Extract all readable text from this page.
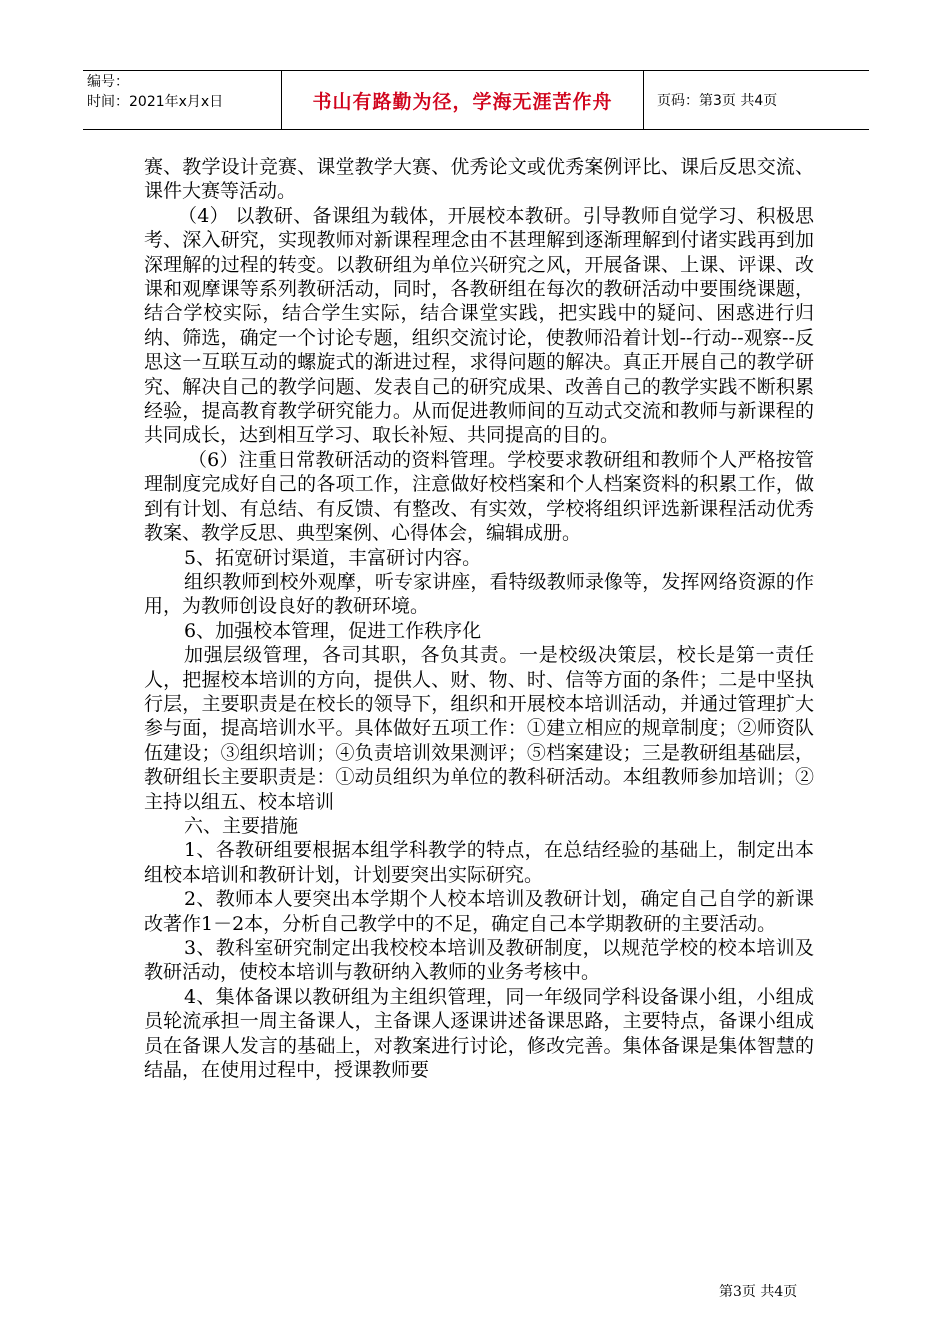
编号：
时间：2021年x月x日	书山有路勤为径，学海无涯苦作舟	页码：第3页 共4页

赛、教学设计竞赛、课堂教学大赛、优秀论文或优秀案例评比、课后反思交流、课件大赛等活动。

（4） 以教研、备课组为载体，开展校本教研。引导教师自觉学习、积极思考、深入研究，实现教师对新课程理念由不甚理解到逐渐理解到付诸实践再到加深理解的过程的转变。以教研组为单位兴研究之风，开展备课、上课、评课、改课和观摩课等系列教研活动，同时，各教研组在每次的教研活动中要围绕课题，结合学校实际，结合学生实际，结合课堂实践，把实践中的疑问、困惑进行归纳、筛选，确定一个讨论专题，组织交流讨论，使教师沿着计划--行动--观察--反思这一互联互动的螺旋式的渐进过程，求得问题的解决。真正开展自己的教学研究、解决自己的教学问题、发表自己的研究成果、改善自己的教学实践不断积累经验，提高教育教学研究能力。从而促进教师间的互动式交流和教师与新课程的共同成长，达到相互学习、取长补短、共同提高的目的。

（6）注重日常教研活动的资料管理。学校要求教研组和教师个人严格按管理制度完成好自己的各项工作，注意做好校档案和个人档案资料的积累工作，做到有计划、有总结、有反馈、有整改、有实效，学校将组织评选新课程活动优秀教案、教学反思、典型案例、心得体会，编辑成册。

5、拓宽研讨渠道，丰富研讨内容。

组织教师到校外观摩，听专家讲座，看特级教师录像等，发挥网络资源的作用，为教师创设良好的教研环境。

6、加强校本管理，促进工作秩序化

加强层级管理，各司其职，各负其责。一是校级决策层，校长是第一责任人，把握校本培训的方向，提供人、财、物、时、信等方面的条件；二是中坚执行层，主要职责是在校长的领导下，组织和开展校本培训活动，并通过管理扩大参与面，提高培训水平。具体做好五项工作：①建立相应的规章制度；②师资队伍建设；③组织培训；④负责培训效果测评；⑤档案建设；三是教研组基础层，教研组长主要职责是：①动员组织为单位的教科研活动。本组教师参加培训；②主持以组五、校本培训

六、主要措施

1、各教研组要根据本组学科教学的特点，在总结经验的基础上，制定出本组校本培训和教研计划，计划要突出实际研究。

2、教师本人要突出本学期个人校本培训及教研计划，确定自己自学的新课改著作1－2本，分析自己教学中的不足，确定自己本学期教研的主要活动。

3、教科室研究制定出我校校本培训及教研制度，以规范学校的校本培训及教研活动，使校本培训与教研纳入教师的业务考核中。

4、集体备课以教研组为主组织管理，同一年级同学科设备课小组，小组成员轮流承担一周主备课人，主备课人逐课讲述备课思路，主要特点，备课小组成员在备课人发言的基础上，对教案进行讨论，修改完善。集体备课是集体智慧的结晶，在使用过程中，授课教师要

第3页 共4页
